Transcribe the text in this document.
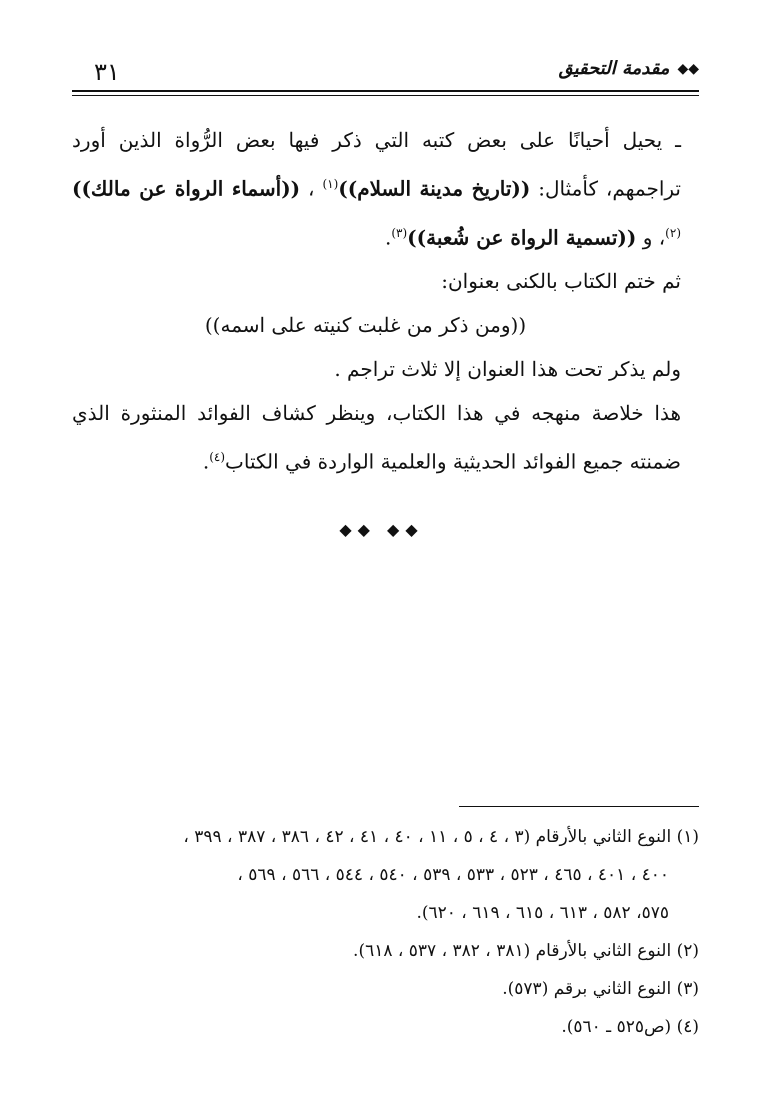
٣١	◆◆
مقدمة التحقيق

ـ يحيل أحيانًا على بعض كتبه التي ذكر فيها بعض الرُّواة الذين أورد تراجمهم، كأمثال: ((تاريخ مدينة السلام))$^{(١)}$ ، ((أسماء الرواة عن مالك))$^{(٢)}$، و ((تسمية الرواة عن شُعبة))$^{(٣)}$.

ثم ختم الكتاب بالكنى بعنوان:

((ومن ذكر من غلبت كنيته على اسمه))

ولم يذكر تحت هذا العنوان إلا ثلاث تراجم .

هذا خلاصة منهجه في هذا الكتاب، وينظر كشاف الفوائد المنثورة الذي ضمنته جميع الفوائد الحديثية والعلمية الواردة في الكتاب$^{(٤)}$.

◆◆ ◆◆

(١) النوع الثاني بالأرقام (٣ ، ٤ ، ٥ ، ١١ ، ٤٠ ، ٤١ ، ٤٢ ، ٣٨٦ ، ٣٨٧ ، ٣٩٩ ،

٤٠٠ ، ٤٠١ ، ٤٦٥ ، ٥٢٣ ، ٥٣٣ ، ٥٣٩ ، ٥٤٠ ، ٥٤٤ ، ٥٦٦ ، ٥٦٩ ،

٥٧٥، ٥٨٢ ، ٦١٣ ، ٦١٥ ، ٦١٩ ، ٦٢٠).

(٢) النوع الثاني بالأرقام (٣٨١ ، ٣٨٢ ، ٥٣٧ ، ٦١٨).

(٣) النوع الثاني برقم (٥٧٣).

(٤) (ص٥٢٥ ـ ٥٦٠).
